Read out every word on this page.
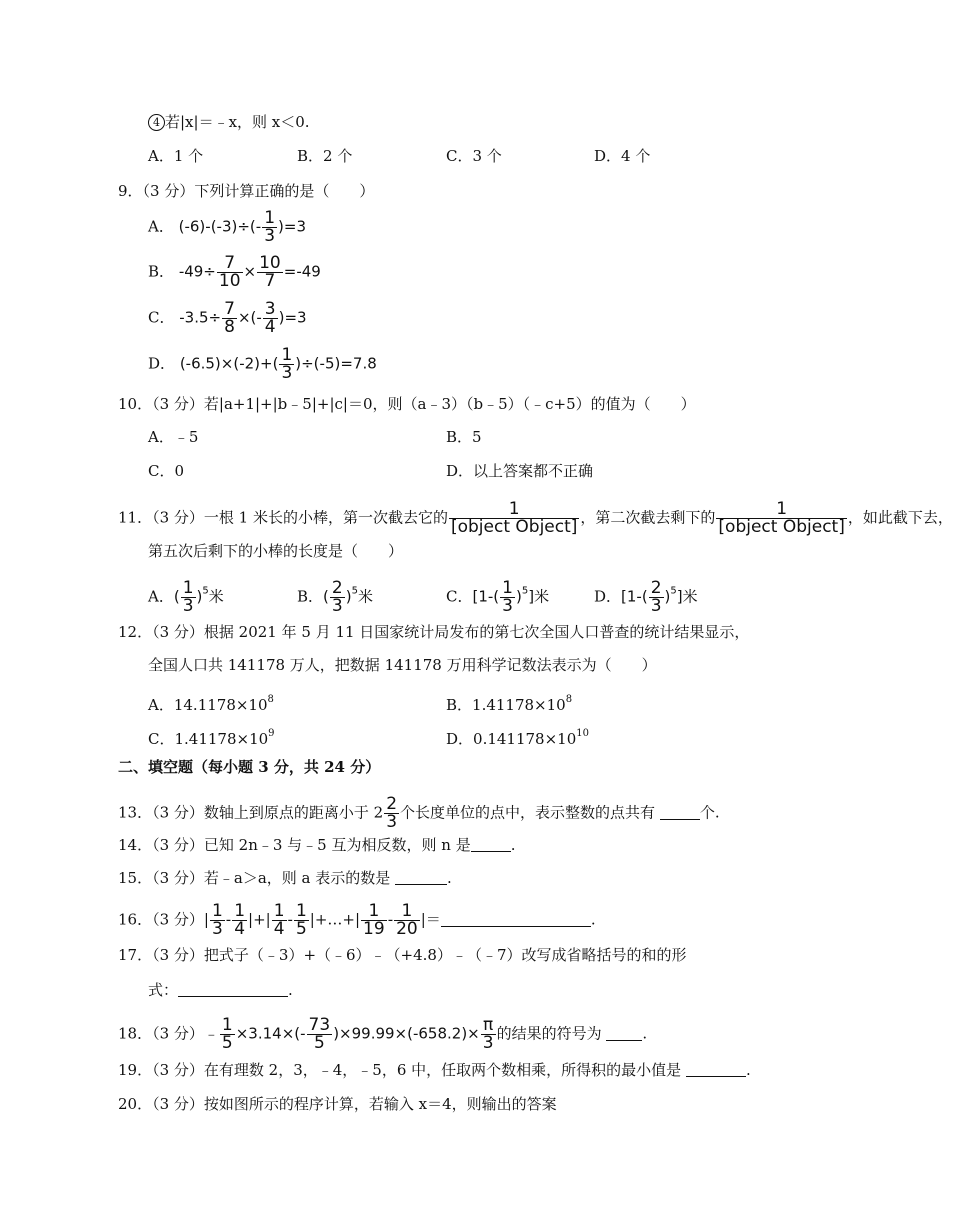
4 若|x|＝﹣x，则 x＜0.
A．1 个	B．2 个	C．3 个	D．4 个
9．（3 分）下列计算正确的是（　　）
A． $(-6)-(-3)\div(- \frac{1}{3} )=3$
B． $-49\div \frac{7}{10} \times \frac{10}{7} =-49$
C． $-3.5\div \frac{7}{8}$ ×(- $\frac{3}{4} )=3$
D． $(-6.5)\times(-2)+( \frac{1}{3} )\div(-5)=7.8$
10．（3 分）若|a+1|+|b﹣5|+|c|＝0，则（a﹣3）（b﹣5）（﹣c+5）的值为（　　）
A．﹣5	B．5
C．0	D．以上答案都不正确
11．（3 分）一根 1 米长的小棒，第一次截去它的 $\frac{1}{\text{[object Object]}}$ ，第二次截去剩下的 $\frac{1}{\text{[object Object]}}$ ，如此截下去，
第五次后剩下的小棒的长度是（　　）
A．( $\frac{1}{3} )^5$米	B．( $\frac{2}{3} )^5$米	C．$[1-( \frac{1}{3} )^5]$米	D．$[1-( \frac{2}{3} )^5]$米
12．（3 分）根据 2021 年 5 月 11 日国家统计局发布的第七次全国人口普查的统计结果显示，
全国人口共 141178 万人，把数据 141178 万用科学记数法表示为（　　）
A．$14.1178\times 10^8$	B．$1.41178\times 10^8$
C．$1.41178\times 10^9$	D．$0.141178\times 10^{10}$
二、填空题（每小题 3 分，共 24 分）
13．（3 分）数轴上到原点的距离小于 $2 \frac{2}{3}$ 个长度单位的点中，表示整数的点共有	个.
14．（3 分）已知 2n﹣3 与﹣5 互为相反数，则 n 是	.
15．（3 分）若﹣a＞a，则 a 表示的数是	.
16．（3 分）| $\frac{1}{3} - \frac{1}{4}$ |+| $\frac{1}{4} - \frac{1}{5}$ |+…+| $\frac{1}{19} - \frac{1}{20}$ |＝	.
17．（3 分）把式子（﹣3）+（﹣6）﹣（+4.8）﹣（﹣7）改写成省略括号的和的形
式：	.
18．（3 分）﹣ $\frac{1}{5} \times 3.14\times(- \frac{73}{5} )\times 99.99\times(-658.2)\times \frac{\pi}{3}$ 的结果的符号为 .
19．（3 分）在有理数 2，3，﹣4，﹣5，6 中，任取两个数相乘，所得积的最小值是	.
20．（3 分）按如图所示的程序计算，若输入 x＝4，则输出的答案
